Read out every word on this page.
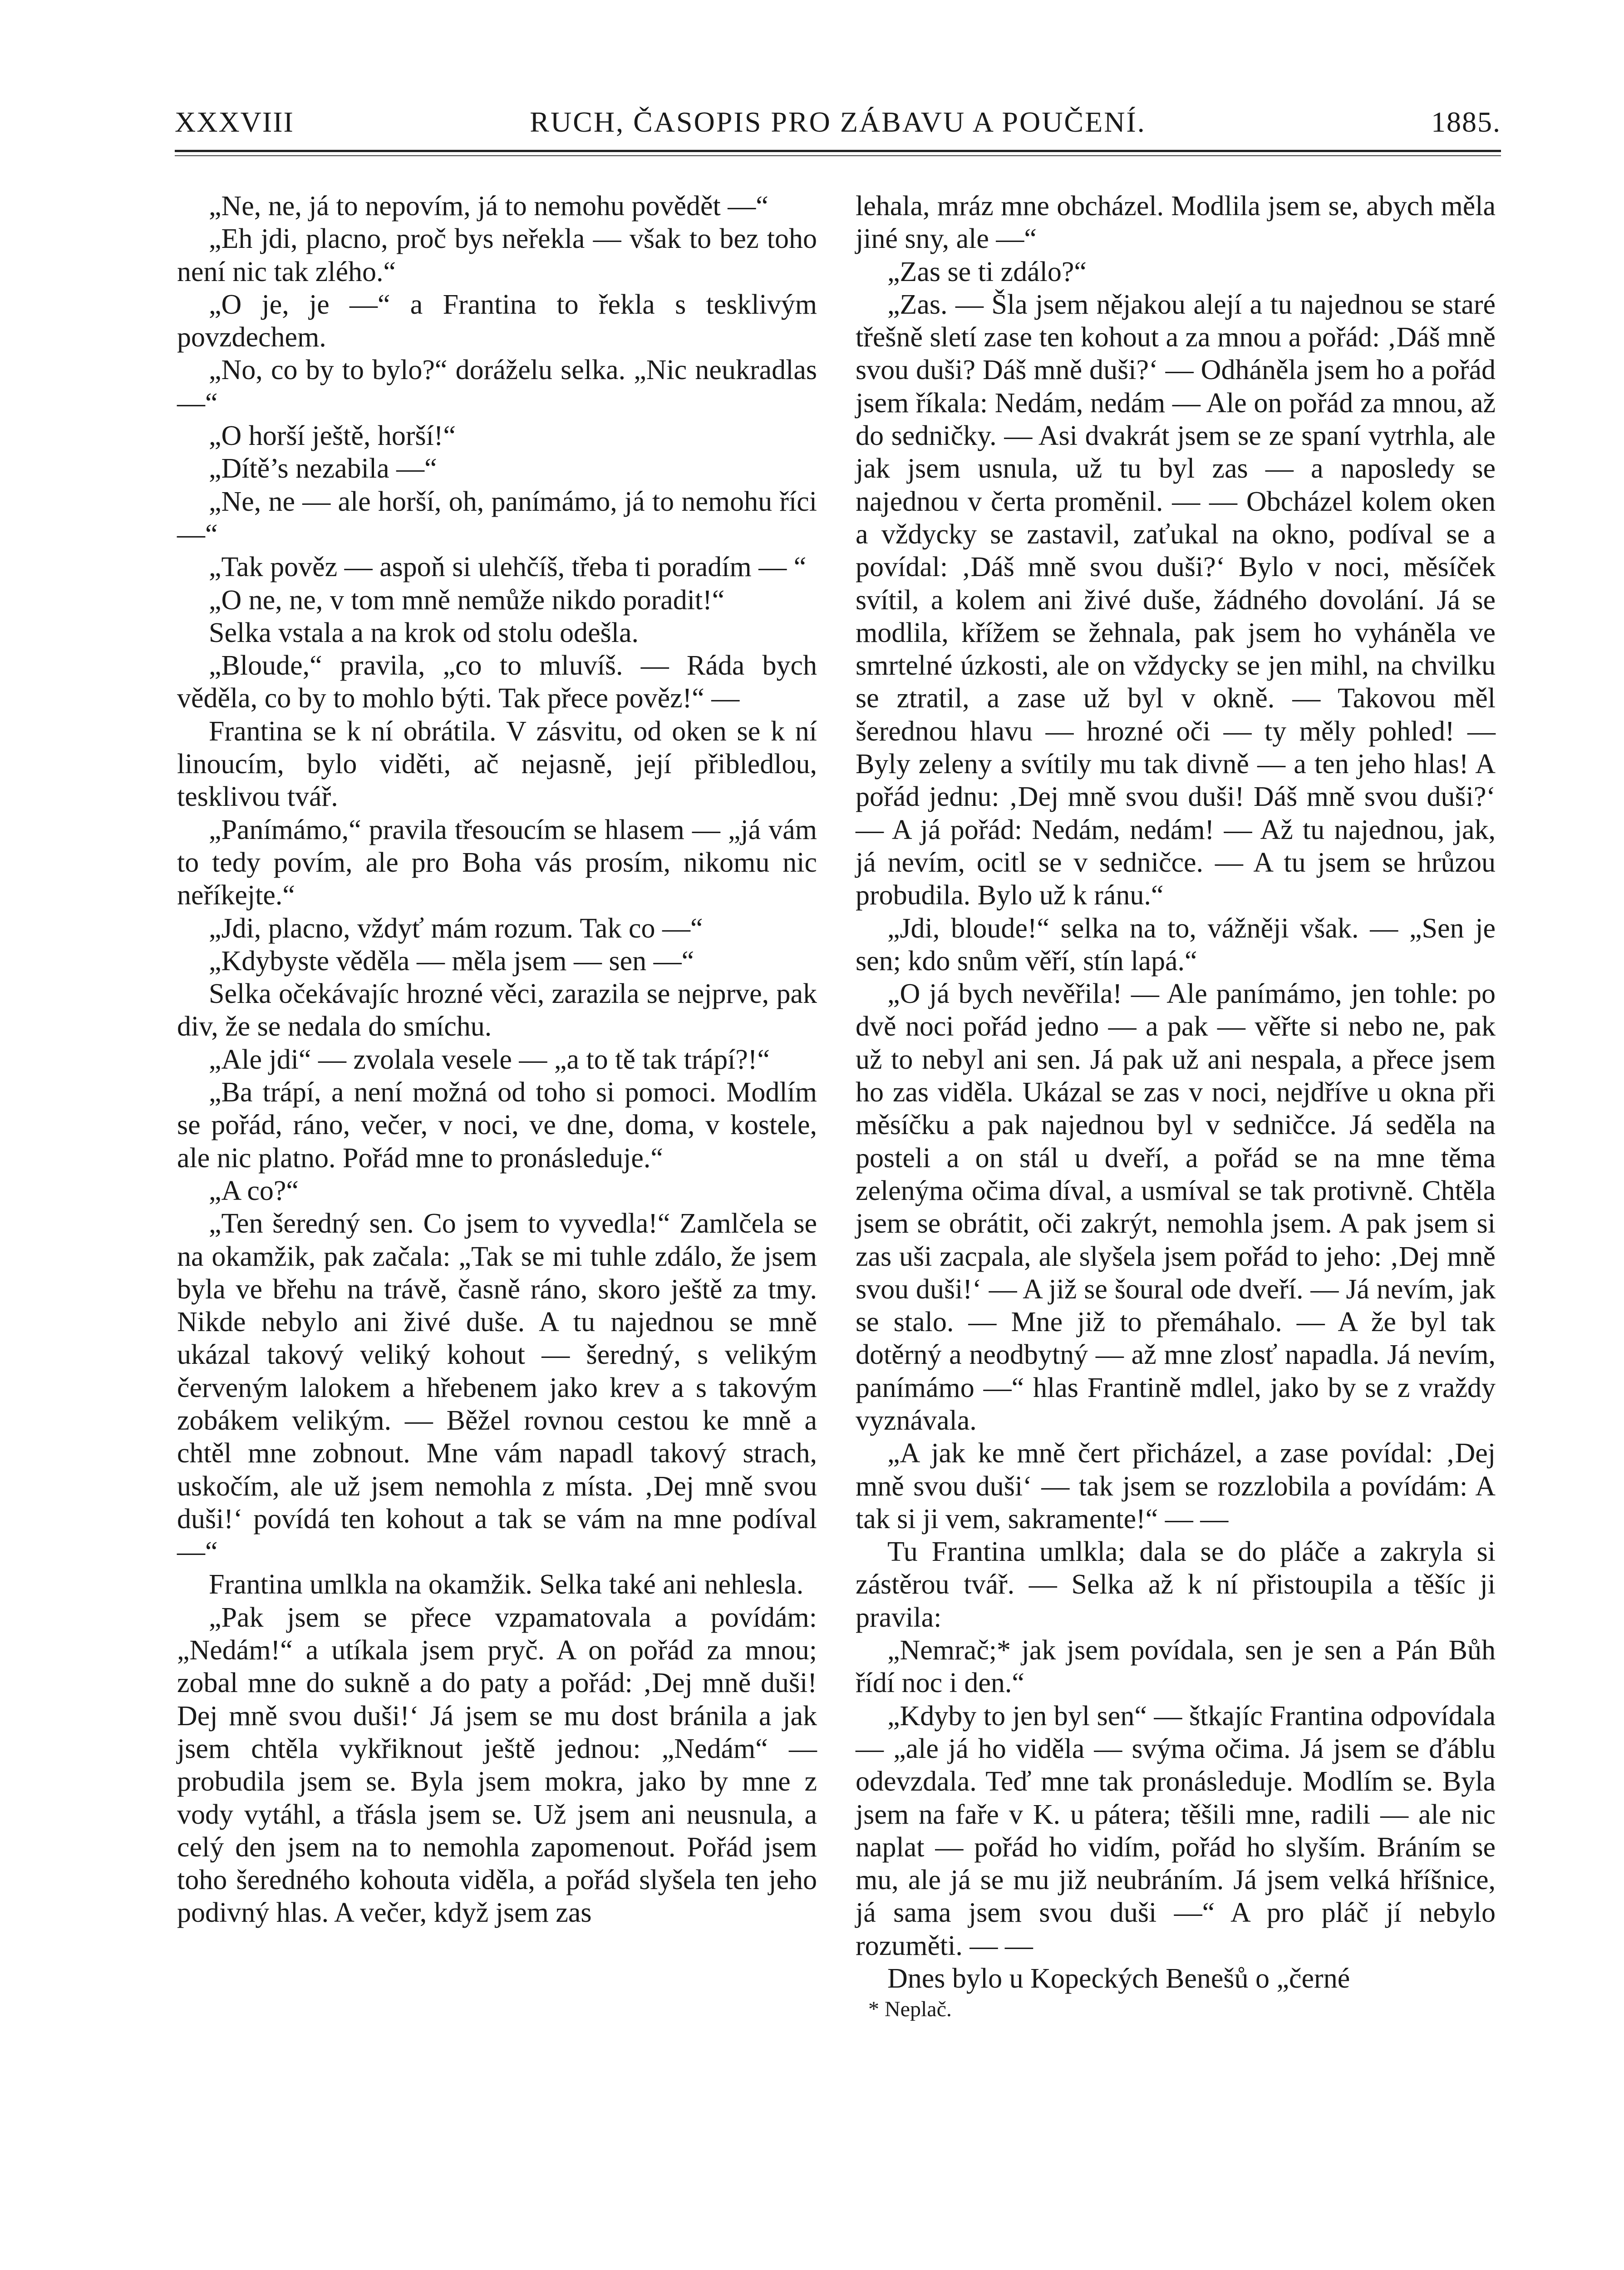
XXXVIII	RUCH, ČASOPIS PRO ZÁBAVU A POUČENÍ.	1885.

„Ne, ne, já to nepovím, já to nemohu povědět —“

„Eh jdi, placno, proč bys neřekla — však to bez toho není nic tak zlého.“

„O je, je —“ a Frantina to řekla s tesklivým povzdechem.

„No, co by to bylo?“ doráželu selka. „Nic neukradlas —“

„O horší ještě, horší!“

„Dítě’s nezabila —“

„Ne, ne — ale horší, oh, panímámo, já to nemohu říci —“

„Tak pověz — aspoň si ulehčíš, třeba ti poradím — “

„O ne, ne, v tom mně nemůže nikdo poradit!“

Selka vstala a na krok od stolu odešla.

„Bloude,“ pravila, „co to mluvíš. — Ráda bych věděla, co by to mohlo býti. Tak přece pověz!“ —

Frantina se k ní obrátila. V zásvitu, od oken se k ní linoucím, bylo viděti, ač nejasně, její přibledlou, tesklivou tvář.

„Panímámo,“ pravila třesoucím se hlasem — „já vám to tedy povím, ale pro Boha vás prosím, nikomu nic neříkejte.“

„Jdi, placno, vždyť mám rozum. Tak co —“

„Kdybyste věděla — měla jsem — sen —“

Selka očekávajíc hrozné věci, zarazila se nejprve, pak div, že se nedala do smíchu.

„Ale jdi“ — zvolala vesele — „a to tě tak trápí?!“

„Ba trápí, a není možná od toho si pomoci. Modlím se pořád, ráno, večer, v noci, ve dne, doma, v kostele, ale nic platno. Pořád mne to pronásleduje.“

„A co?“

„Ten šeredný sen. Co jsem to vyvedla!“ Zamlčela se na okamžik, pak začala: „Tak se mi tuhle zdálo, že jsem byla ve břehu na trávě, časně ráno, skoro ještě za tmy. Nikde nebylo ani živé duše. A tu najednou se mně ukázal takový veliký kohout — šeredný, s velikým červeným lalokem a hřebenem jako krev a s takovým zobákem velikým. — Běžel rovnou cestou ke mně a chtěl mne zobnout. Mne vám napadl takový strach, uskočím, ale už jsem nemohla z místa. ‚Dej mně svou duši!‘ povídá ten kohout a tak se vám na mne podíval —“

Frantina umlkla na okamžik. Selka také ani nehlesla.

„Pak jsem se přece vzpamatovala a povídám: „Nedám!“ a utíkala jsem pryč. A on pořád za mnou; zobal mne do sukně a do paty a pořád: ‚Dej mně duši! Dej mně svou duši!‘ Já jsem se mu dost bránila a jak jsem chtěla vykřiknout ještě jednou: „Nedám“ — probudila jsem se. Byla jsem mokra, jako by mne z vody vytáhl, a třásla jsem se. Už jsem ani neusnula, a celý den jsem na to nemohla zapomenout. Pořád jsem toho šeredného kohouta viděla, a pořád slyšela ten jeho podivný hlas. A večer, když jsem zas

lehala, mráz mne obcházel. Modlila jsem se, abych měla jiné sny, ale —“

„Zas se ti zdálo?“

„Zas. — Šla jsem nějakou alejí a tu najednou se staré třešně sletí zase ten kohout a za mnou a pořád: ‚Dáš mně svou duši? Dáš mně duši?‘ — Odháněla jsem ho a pořád jsem říkala: Nedám, nedám — Ale on pořád za mnou, až do sedničky. — Asi dvakrát jsem se ze spaní vytrhla, ale jak jsem usnula, už tu byl zas — a naposledy se najednou v čerta proměnil. — — Obcházel kolem oken a vždycky se zastavil, zaťukal na okno, podíval se a povídal: ‚Dáš mně svou duši?‘ Bylo v noci, měsíček svítil, a kolem ani živé duše, žádného dovolání. Já se modlila, křížem se žehnala, pak jsem ho vyháněla ve smrtelné úzkosti, ale on vždycky se jen mihl, na chvilku se ztratil, a zase už byl v okně. — Takovou měl šerednou hlavu — hrozné oči — ty měly pohled! — Byly zeleny a svítily mu tak divně — a ten jeho hlas! A pořád jednu: ‚Dej mně svou duši! Dáš mně svou duši?‘ — A já pořád: Nedám, nedám! — Až tu najednou, jak, já nevím, ocitl se v sedničce. — A tu jsem se hrůzou probudila. Bylo už k ránu.“

„Jdi, bloude!“ selka na to, vážněji však. — „Sen je sen; kdo snům věří, stín lapá.“

„O já bych nevěřila! — Ale panímámo, jen tohle: po dvě noci pořád jedno — a pak — věřte si nebo ne, pak už to nebyl ani sen. Já pak už ani nespala, a přece jsem ho zas viděla. Ukázal se zas v noci, nejdříve u okna při měsíčku a pak najednou byl v sedničce. Já seděla na posteli a on stál u dveří, a pořád se na mne těma zelenýma očima díval, a usmíval se tak protivně. Chtěla jsem se obrátit, oči zakrýt, nemohla jsem. A pak jsem si zas uši zacpala, ale slyšela jsem pořád to jeho: ‚Dej mně svou duši!‘ — A již se šoural ode dveří. — Já nevím, jak se stalo. — Mne již to přemáhalo. — A že byl tak dotěrný a neodbytný — až mne zlosť napadla. Já nevím, panímámo —“ hlas Frantině mdlel, jako by se z vraždy vyznávala.

„A jak ke mně čert přicházel, a zase povídal: ‚Dej mně svou duši‘ — tak jsem se rozzlobila a povídám: A tak si ji vem, sakramente!“ — —

Tu Frantina umlkla; dala se do pláče a zakryla si zástěrou tvář. — Selka až k ní přistoupila a těšíc ji pravila:

„Nemrač;* jak jsem povídala, sen je sen a Pán Bůh řídí noc i den.“

„Kdyby to jen byl sen“ — štkajíc Frantina odpovídala — „ale já ho viděla — svýma očima. Já jsem se ďáblu odevzdala. Teď mne tak pronásleduje. Modlím se. Byla jsem na faře v K. u pátera; těšili mne, radili — ale nic naplat — pořád ho vidím, pořád ho slyším. Bráním se mu, ale já se mu již neubráním. Já jsem velká hříšnice, já sama jsem svou duši —“ A pro pláč jí nebylo rozuměti. — —

Dnes bylo u Kopeckých Benešů o „černé

* Neplač.
